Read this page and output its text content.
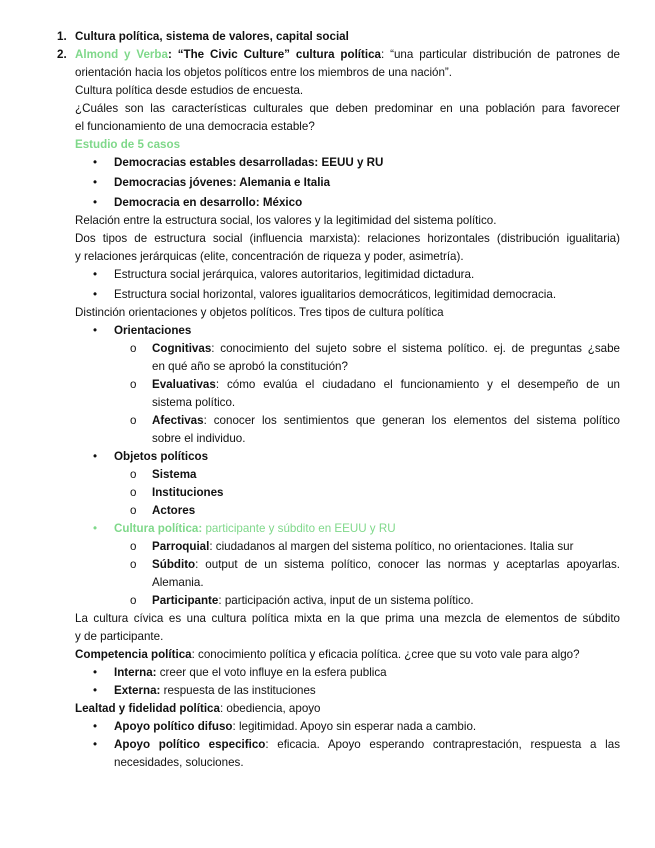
1. Cultura política, sistema de valores, capital social
2. Almond y Verba: “The Civic Culture” cultura política: “una particular distribución de patrones de
orientación hacia los objetos políticos entre los miembros de una nación”.
Cultura política desde estudios de encuesta.
¿Cuáles son las características culturales que deben predominar en una población para favorecer
el funcionamiento de una democracia estable?
Estudio de 5 casos
• Democracias estables desarrolladas: EEUU y RU
• Democracias jóvenes: Alemania e Italia
• Democracia en desarrollo: México
Relación entre la estructura social, los valores y la legitimidad del sistema político.
Dos tipos de estructura social (influencia marxista): relaciones horizontales (distribución igualitaria)
y relaciones jerárquicas (elite, concentración de riqueza y poder, asimetría).
• Estructura social jerárquica, valores autoritarios, legitimidad dictadura.
• Estructura social horizontal, valores igualitarios democráticos, legitimidad democracia.
Distinción orientaciones y objetos políticos. Tres tipos de cultura política
• Orientaciones
o Cognitivas: conocimiento del sujeto sobre el sistema político. ej. de preguntas ¿sabe
en qué año se aprobó la constitución?
o Evaluativas: cómo evalúa el ciudadano el funcionamiento y el desempeño de un
sistema político.
o Afectivas: conocer los sentimientos que generan los elementos del sistema político
sobre el individuo.
• Objetos políticos
o Sistema
o Instituciones
o Actores
• Cultura política: participante y súbdito en EEUU y RU
o Parroquial: ciudadanos al margen del sistema político, no orientaciones. Italia sur
o Súbdito: output de un sistema político, conocer las normas y aceptarlas apoyarlas.
Alemania.
o Participante: participación activa, input de un sistema político.
La cultura cívica es una cultura política mixta en la que prima una mezcla de elementos de súbdito
y de participante.
Competencia política: conocimiento política y eficacia política. ¿cree que su voto vale para algo?
• Interna: creer que el voto influye en la esfera publica
• Externa: respuesta de las instituciones
Lealtad y fidelidad política: obediencia, apoyo
• Apoyo político difuso: legitimidad. Apoyo sin esperar nada a cambio.
• Apoyo político especifico: eficacia. Apoyo esperando contraprestación, respuesta a las
necesidades, soluciones.
